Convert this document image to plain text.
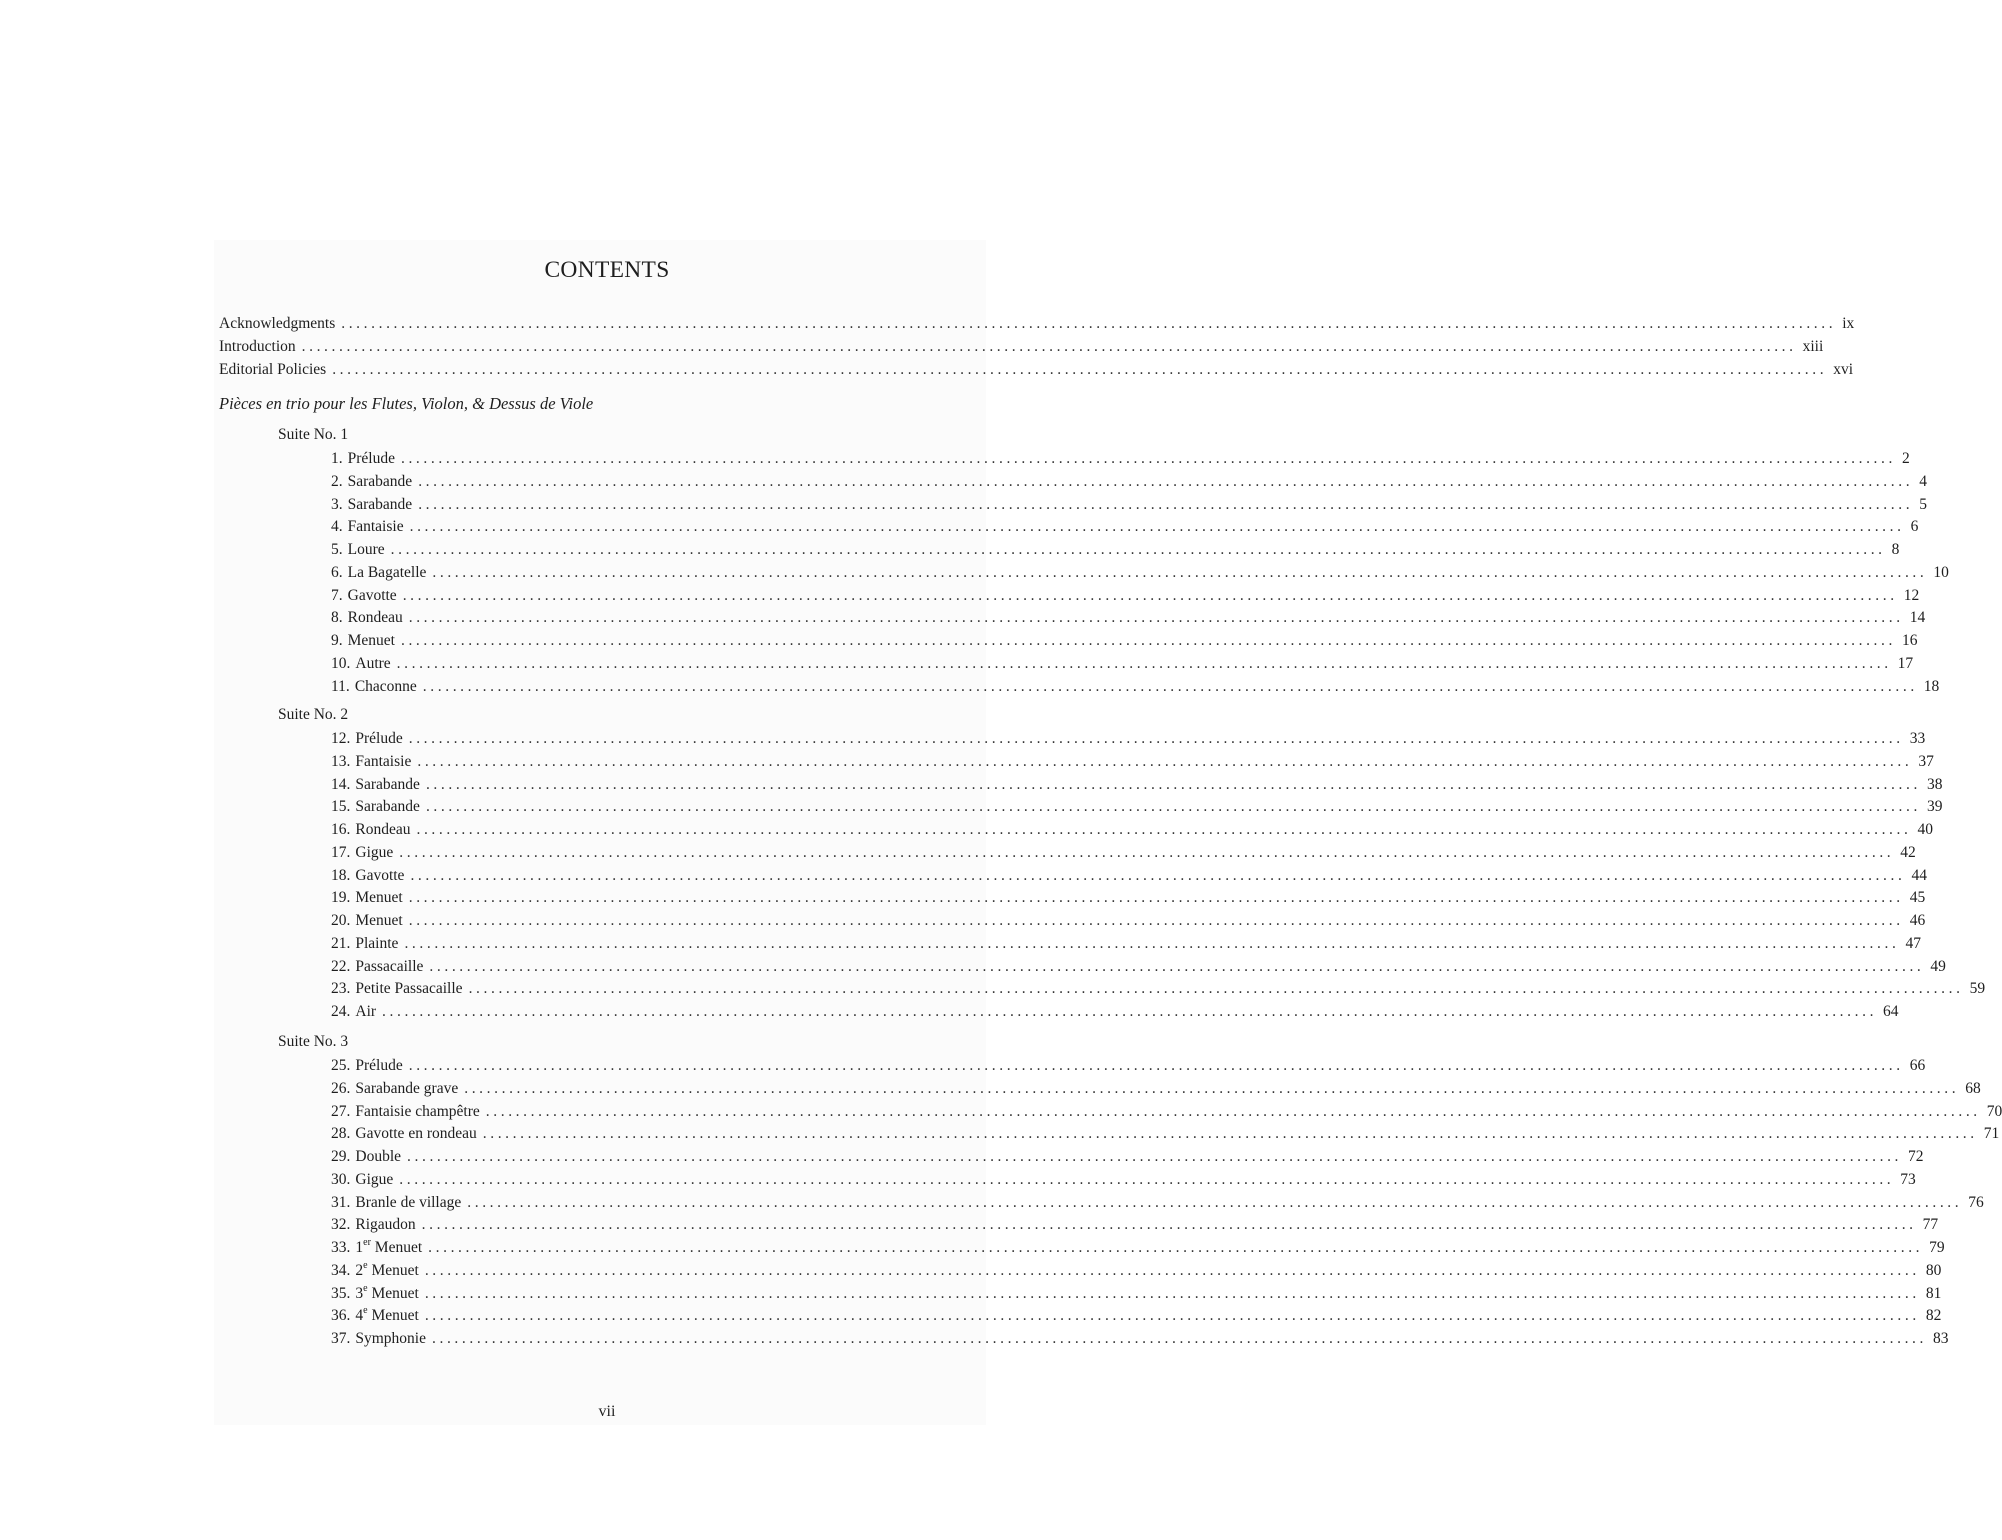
CONTENTS
Acknowledgments ........................................................................................................................................................................................................ ix
Introduction ........................................................................................................................................................................................................ xiii
Editorial Policies ........................................................................................................................................................................................................ xvi
Pièces en trio pour les Flutes, Violon, & Dessus de Viole
Suite No. 1
1. Prélude ........................................................................................................................................................................................................ 2
2. Sarabande ........................................................................................................................................................................................................ 4
3. Sarabande ........................................................................................................................................................................................................ 5
4. Fantaisie ........................................................................................................................................................................................................ 6
5. Loure ........................................................................................................................................................................................................ 8
6. La Bagatelle ........................................................................................................................................................................................................ 10
7. Gavotte ........................................................................................................................................................................................................ 12
8. Rondeau ........................................................................................................................................................................................................ 14
9. Menuet ........................................................................................................................................................................................................ 16
10. Autre ........................................................................................................................................................................................................ 17
11. Chaconne ........................................................................................................................................................................................................ 18
Suite No. 2
12. Prélude ........................................................................................................................................................................................................ 33
13. Fantaisie ........................................................................................................................................................................................................ 37
14. Sarabande ........................................................................................................................................................................................................ 38
15. Sarabande ........................................................................................................................................................................................................ 39
16. Rondeau ........................................................................................................................................................................................................ 40
17. Gigue ........................................................................................................................................................................................................ 42
18. Gavotte ........................................................................................................................................................................................................ 44
19. Menuet ........................................................................................................................................................................................................ 45
20. Menuet ........................................................................................................................................................................................................ 46
21. Plainte ........................................................................................................................................................................................................ 47
22. Passacaille ........................................................................................................................................................................................................ 49
23. Petite Passacaille ........................................................................................................................................................................................................ 59
24. Air ........................................................................................................................................................................................................ 64
Suite No. 3
25. Prélude ........................................................................................................................................................................................................ 66
26. Sarabande grave ........................................................................................................................................................................................................ 68
27. Fantaisie champêtre ........................................................................................................................................................................................................ 70
28. Gavotte en rondeau ........................................................................................................................................................................................................ 71
29. Double ........................................................................................................................................................................................................ 72
30. Gigue ........................................................................................................................................................................................................ 73
31. Branle de village ........................................................................................................................................................................................................ 76
32. Rigaudon ........................................................................................................................................................................................................ 77
33. 1er Menuet ........................................................................................................................................................................................................ 79
34. 2e Menuet ........................................................................................................................................................................................................ 80
35. 3e Menuet ........................................................................................................................................................................................................ 81
36. 4e Menuet ........................................................................................................................................................................................................ 82
37. Symphonie ........................................................................................................................................................................................................ 83
vii
